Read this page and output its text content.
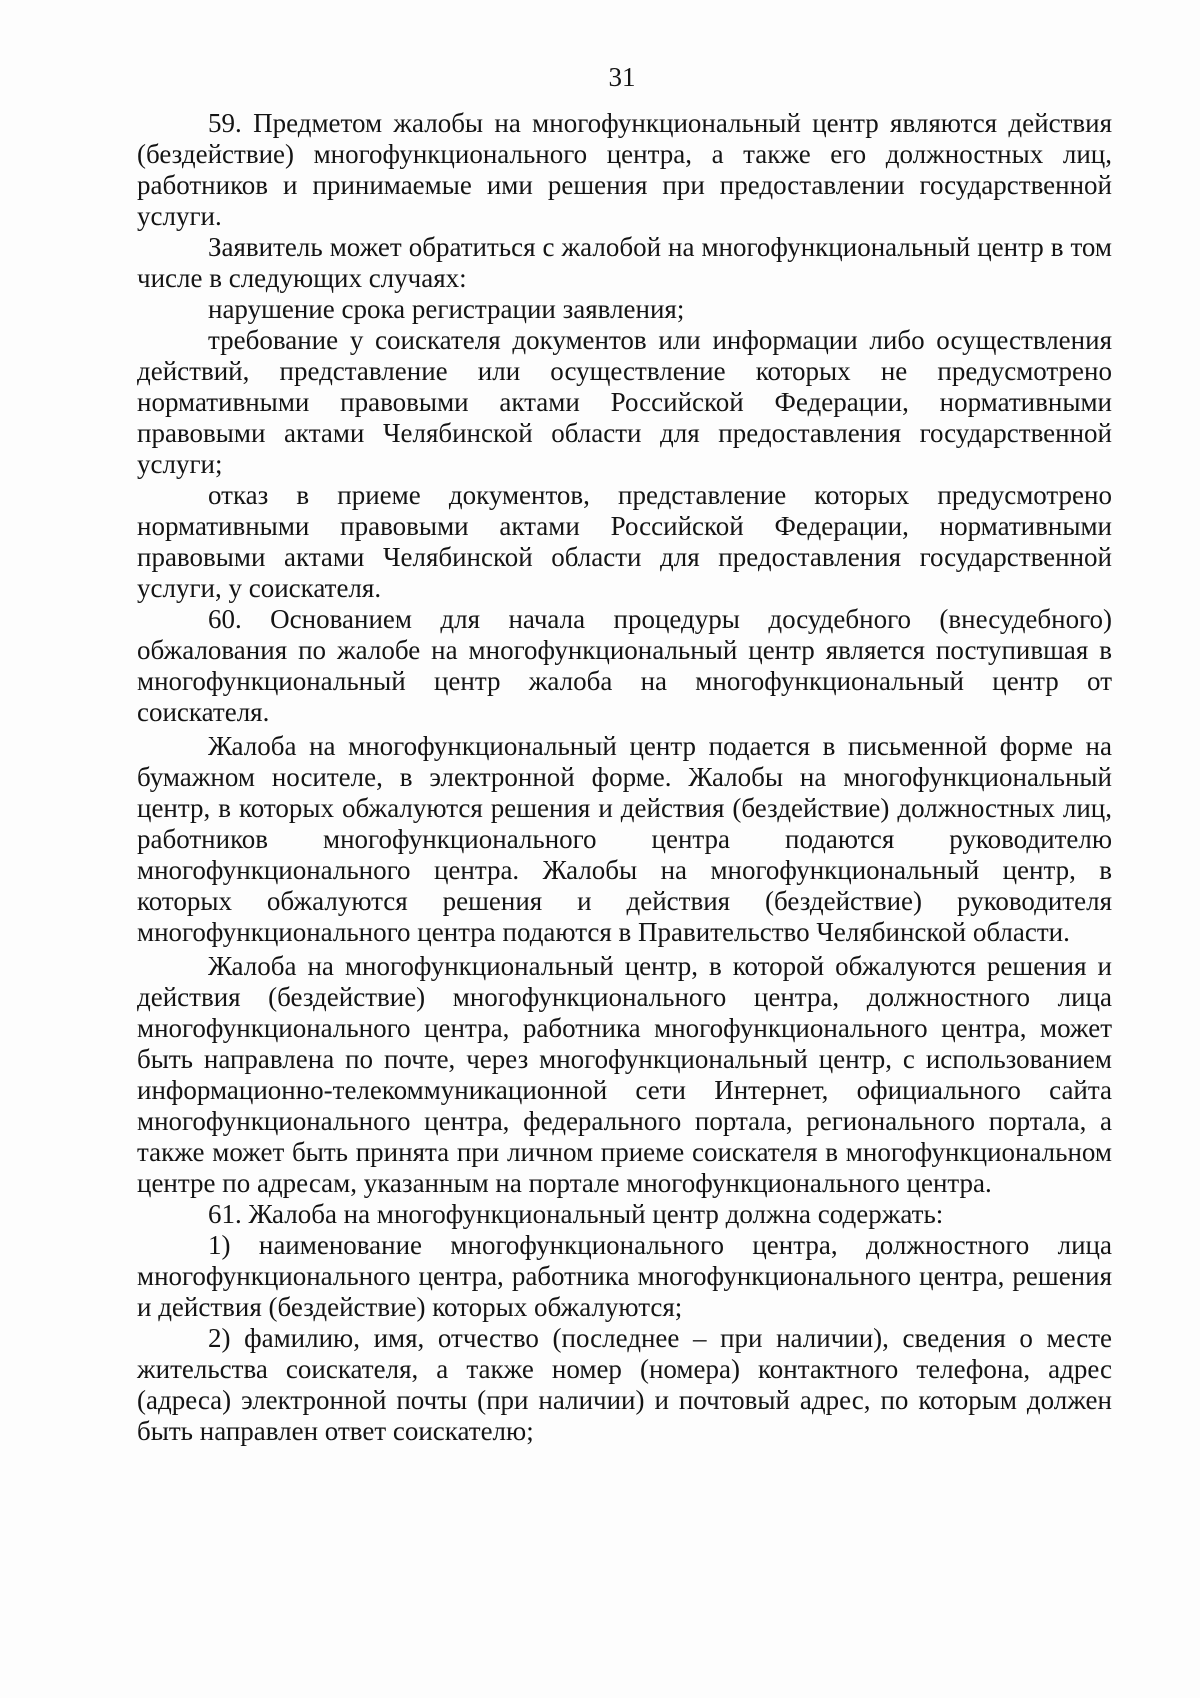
31

59. Предметом жалобы на многофункциональный центр являются действия (бездействие) многофункционального центра, а также его должностных лиц, работников и принимаемые ими решения при предоставлении государственной услуги.

Заявитель может обратиться с жалобой на многофункциональный центр в том числе в следующих случаях:

нарушение срока регистрации заявления;

требование у соискателя документов или информации либо осуществления действий, представление или осуществление которых не предусмотрено нормативными правовыми актами Российской Федерации, нормативными правовыми актами Челябинской области для предоставления государственной услуги;

отказ в приеме документов, представление которых предусмотрено нормативными правовыми актами Российской Федерации, нормативными правовыми актами Челябинской области для предоставления государственной услуги, у соискателя.

60. Основанием для начала процедуры досудебного (внесудебного) обжалования по жалобе на многофункциональный центр является поступившая в многофункциональный центр жалоба на многофункциональный центр от соискателя.

Жалоба на многофункциональный центр подается в письменной форме на бумажном носителе, в электронной форме. Жалобы на многофункциональный центр, в которых обжалуются решения и действия (бездействие) должностных лиц, работников многофункционального центра подаются руководителю многофункционального центра. Жалобы на многофункциональный центр, в которых обжалуются решения и действия (бездействие) руководителя многофункционального центра подаются в Правительство Челябинской области.

Жалоба на многофункциональный центр, в которой обжалуются решения и действия (бездействие) многофункционального центра, должностного лица многофункционального центра, работника многофункционального центра, может быть направлена по почте, через многофункциональный центр, с использованием информационно-телекоммуникационной сети Интернет, официального сайта многофункционального центра, федерального портала, регионального портала, а также может быть принята при личном приеме соискателя в многофункциональном центре по адресам, указанным на портале многофункционального центра.

61. Жалоба на многофункциональный центр должна содержать:

1) наименование многофункционального центра, должностного лица многофункционального центра, работника многофункционального центра, решения и действия (бездействие) которых обжалуются;

2) фамилию, имя, отчество (последнее – при наличии), сведения о месте жительства соискателя, а также номер (номера) контактного телефона, адрес (адреса) электронной почты (при наличии) и почтовый адрес, по которым должен быть направлен ответ соискателю;
